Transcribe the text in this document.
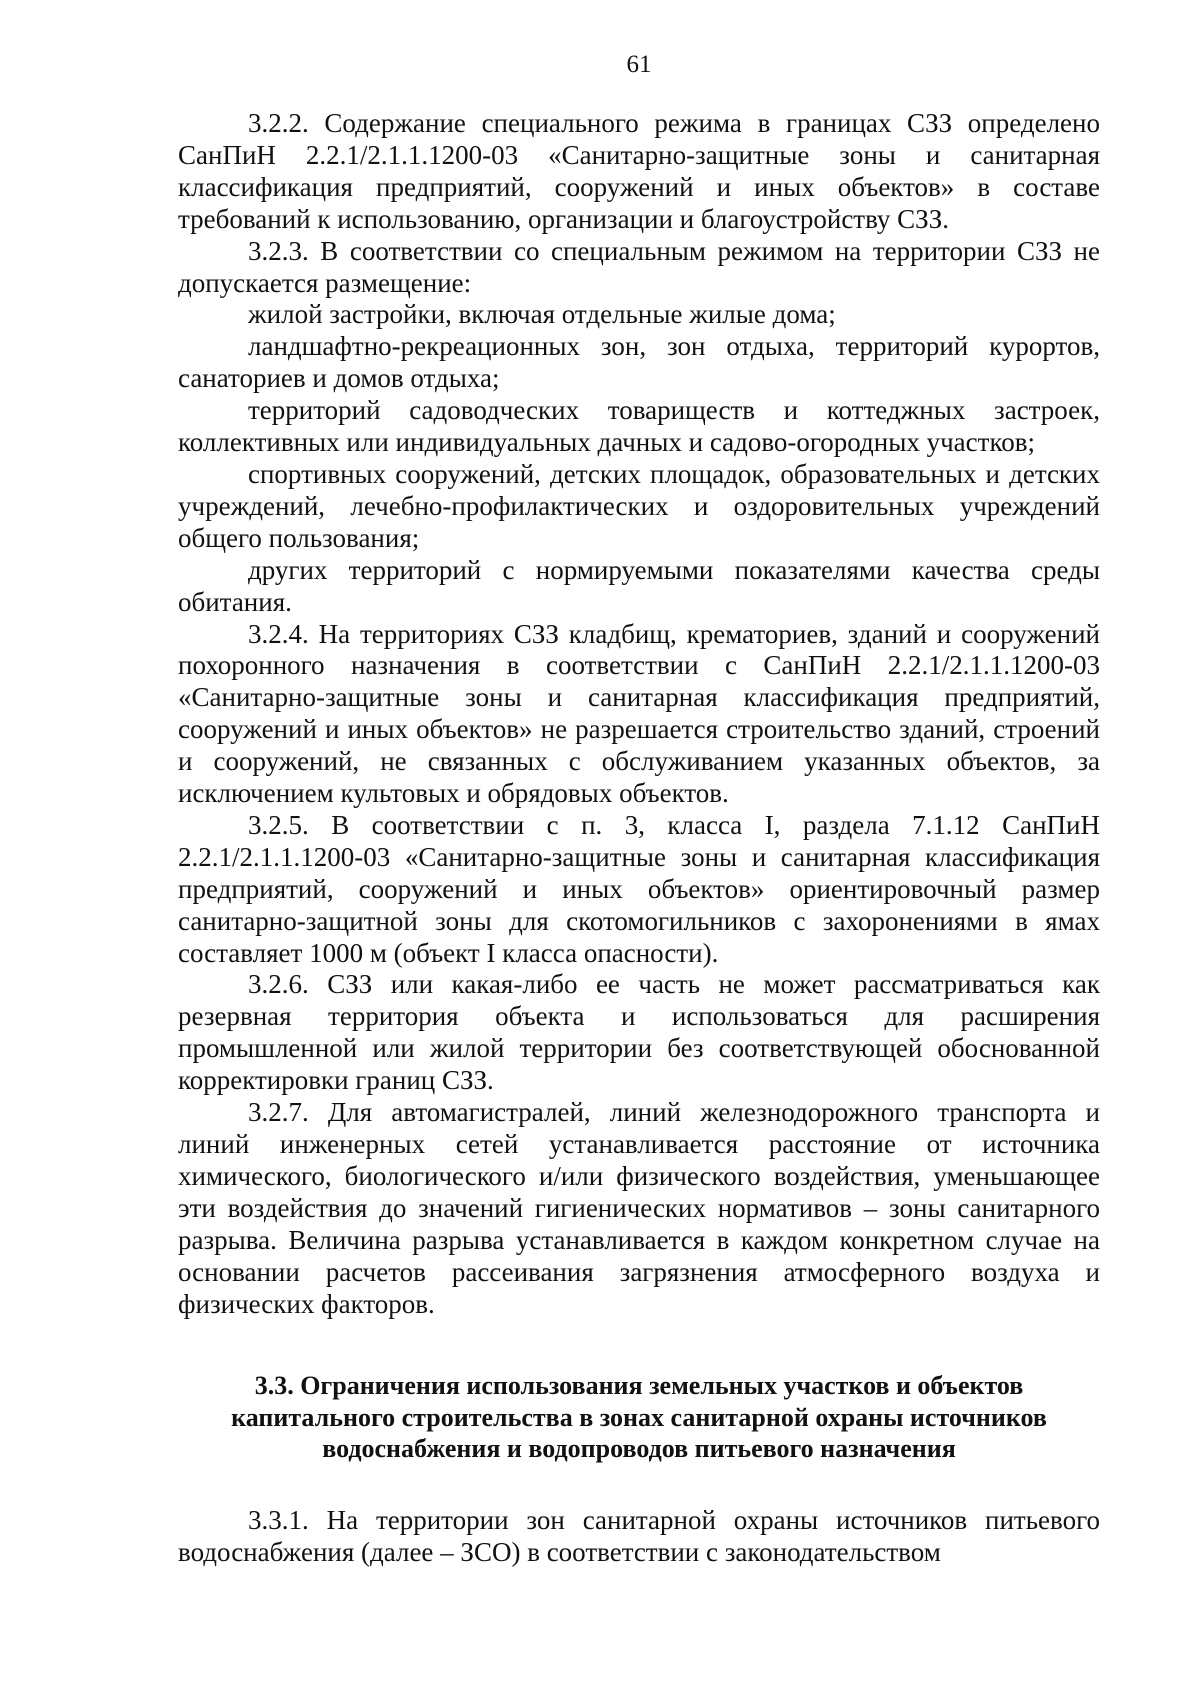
61

3.2.2. Содержание специального режима в границах СЗЗ определено СанПиН 2.2.1/2.1.1.1200-03 «Санитарно-защитные зоны и санитарная классификация предприятий, сооружений и иных объектов» в составе требований к использованию, организации и благоустройству СЗЗ.

3.2.3. В соответствии со специальным режимом на территории СЗЗ не допускается размещение:

жилой застройки, включая отдельные жилые дома;

ландшафтно-рекреационных зон, зон отдыха, территорий курортов, санаториев и домов отдыха;

территорий садоводческих товариществ и коттеджных застроек, коллективных или индивидуальных дачных и садово-огородных участков;

спортивных сооружений, детских площадок, образовательных и детских учреждений, лечебно-профилактических и оздоровительных учреждений общего пользования;

других территорий с нормируемыми показателями качества среды обитания.

3.2.4. На территориях СЗЗ кладбищ, крематориев, зданий и сооружений похоронного назначения в соответствии с СанПиН 2.2.1/2.1.1.1200-03 «Санитарно-защитные зоны и санитарная классификация предприятий, сооружений и иных объектов» не разрешается строительство зданий, строений и сооружений, не связанных с обслуживанием указанных объектов, за исключением культовых и обрядовых объектов.

3.2.5. В соответствии с п. 3, класса I, раздела 7.1.12 СанПиН 2.2.1/2.1.1.1200-03 «Санитарно-защитные зоны и санитарная классификация предприятий, сооружений и иных объектов» ориентировочный размер санитарно-защитной зоны для скотомогильников с захоронениями в ямах составляет 1000 м (объект I класса опасности).

3.2.6. СЗЗ или какая-либо ее часть не может рассматриваться как резервная территория объекта и использоваться для расширения промышленной или жилой территории без соответствующей обоснованной корректировки границ СЗЗ.

3.2.7. Для автомагистралей, линий железнодорожного транспорта и линий инженерных сетей устанавливается расстояние от источника химического, биологического и/или физического воздействия, уменьшающее эти воздействия до значений гигиенических нормативов – зоны санитарного разрыва. Величина разрыва устанавливается в каждом конкретном случае на основании расчетов рассеивания загрязнения атмосферного воздуха и физических факторов.

3.3. Ограничения использования земельных участков и объектов
капитального строительства в зонах санитарной охраны источников
водоснабжения и водопроводов питьевого назначения

3.3.1. На территории зон санитарной охраны источников питьевого водоснабжения (далее – ЗСО) в соответствии с законодательством
